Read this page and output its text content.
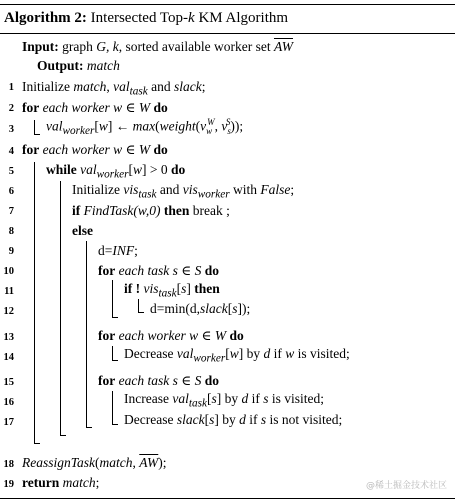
Algorithm 2: Intersected Top-k KM Algorithm
Input: graph G, k, sorted available worker set $\overline{AW}$
Output: match
1
2
3
4
5
6
7
8
9
10
11
12
13
14
15
16
17
18
19
Initialize match, val$_{task}$ and slack;
for each worker w ∈ W do
val$_{worker}$[w] ← $\max(weight(v_w^W$, $v_s^S$));
for each worker w ∈ W do
while val$_{worker}$[w] > 0 do
Initialize vis$_{task}$ and vis$_{worker}$ with False;
if FindTask(w,0) then break ;
else
d=INF;
for each task s ∈ S do
if ! vis$_{task}$[s] then
d=min(d,slack[s]);
for each worker w ∈ W do
Decrease val$_{worker}$[w] by d if w is visited;
for each task s ∈ S do
Increase val$_{task}$[s] by d if s is visited;
Decrease slack[s] by d if s is not visited;
ReassignTask(match, $\overline{AW}$);
return match;	@稀土掘金技术社区
